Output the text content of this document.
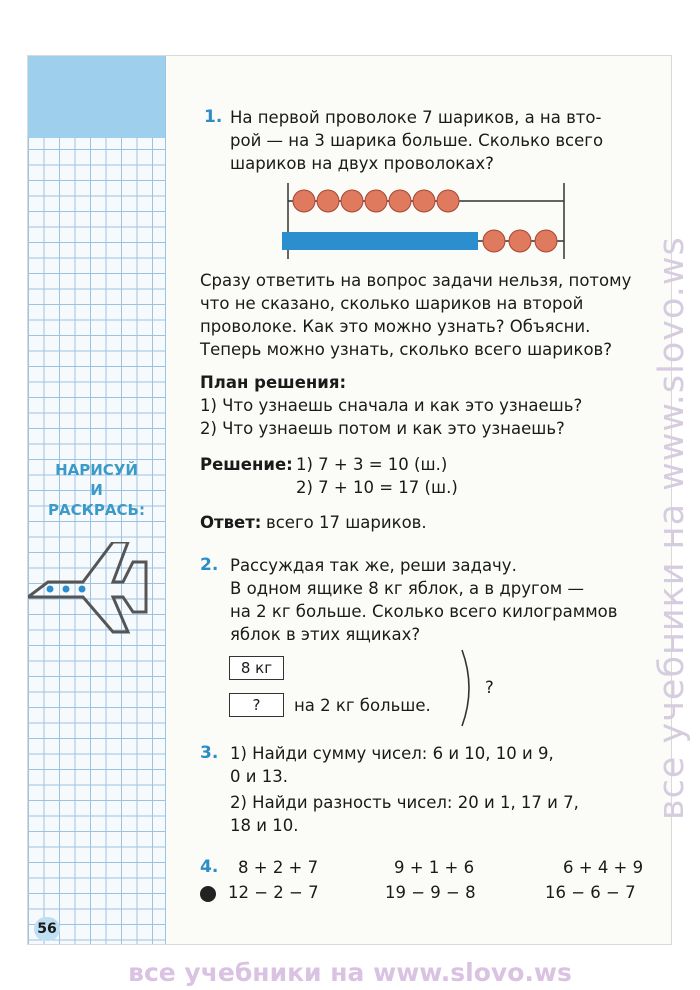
НАРИСУЙ
И
РАСКРАСЬ:
56
1. На первой проволоке 7 шариков, а на вто-
рой — на 3 шарика больше. Сколько всего
шариков на двух проволоках?
Сразу ответить на вопрос задачи нельзя, потому
что не сказано, сколько шариков на второй
проволоке. Как это можно узнать? Объясни.
Теперь можно узнать, сколько всего шариков?
План решения:
1) Что узнаешь сначала и как это узнаешь?
2) Что узнаешь потом и как это узнаешь?
Решение: 1) 7 + 3 = 10 (ш.)
2) 7 + 10 = 17 (ш.)
Ответ: всего 17 шариков.
2. Рассуждая так же, реши задачу.
В одном ящике 8 кг яблок, а в другом —
на 2 кг больше. Сколько всего килограммов
яблок в этих ящиках?
8 кг
?	на 2 кг больше.
?
3. 1) Найди сумму чисел: 6 и 10, 10 и 9,
0 и 13.
2) Найди разность чисел: 20 и 1, 17 и 7,
18 и 10.
4. 8 + 2 + 7	9 + 1 + 6	6 + 4 + 9
12 − 2 − 7	19 − 9 − 8	16 − 6 − 7
все учебники на www.slovo.ws
все учебники на www.slovo.ws
